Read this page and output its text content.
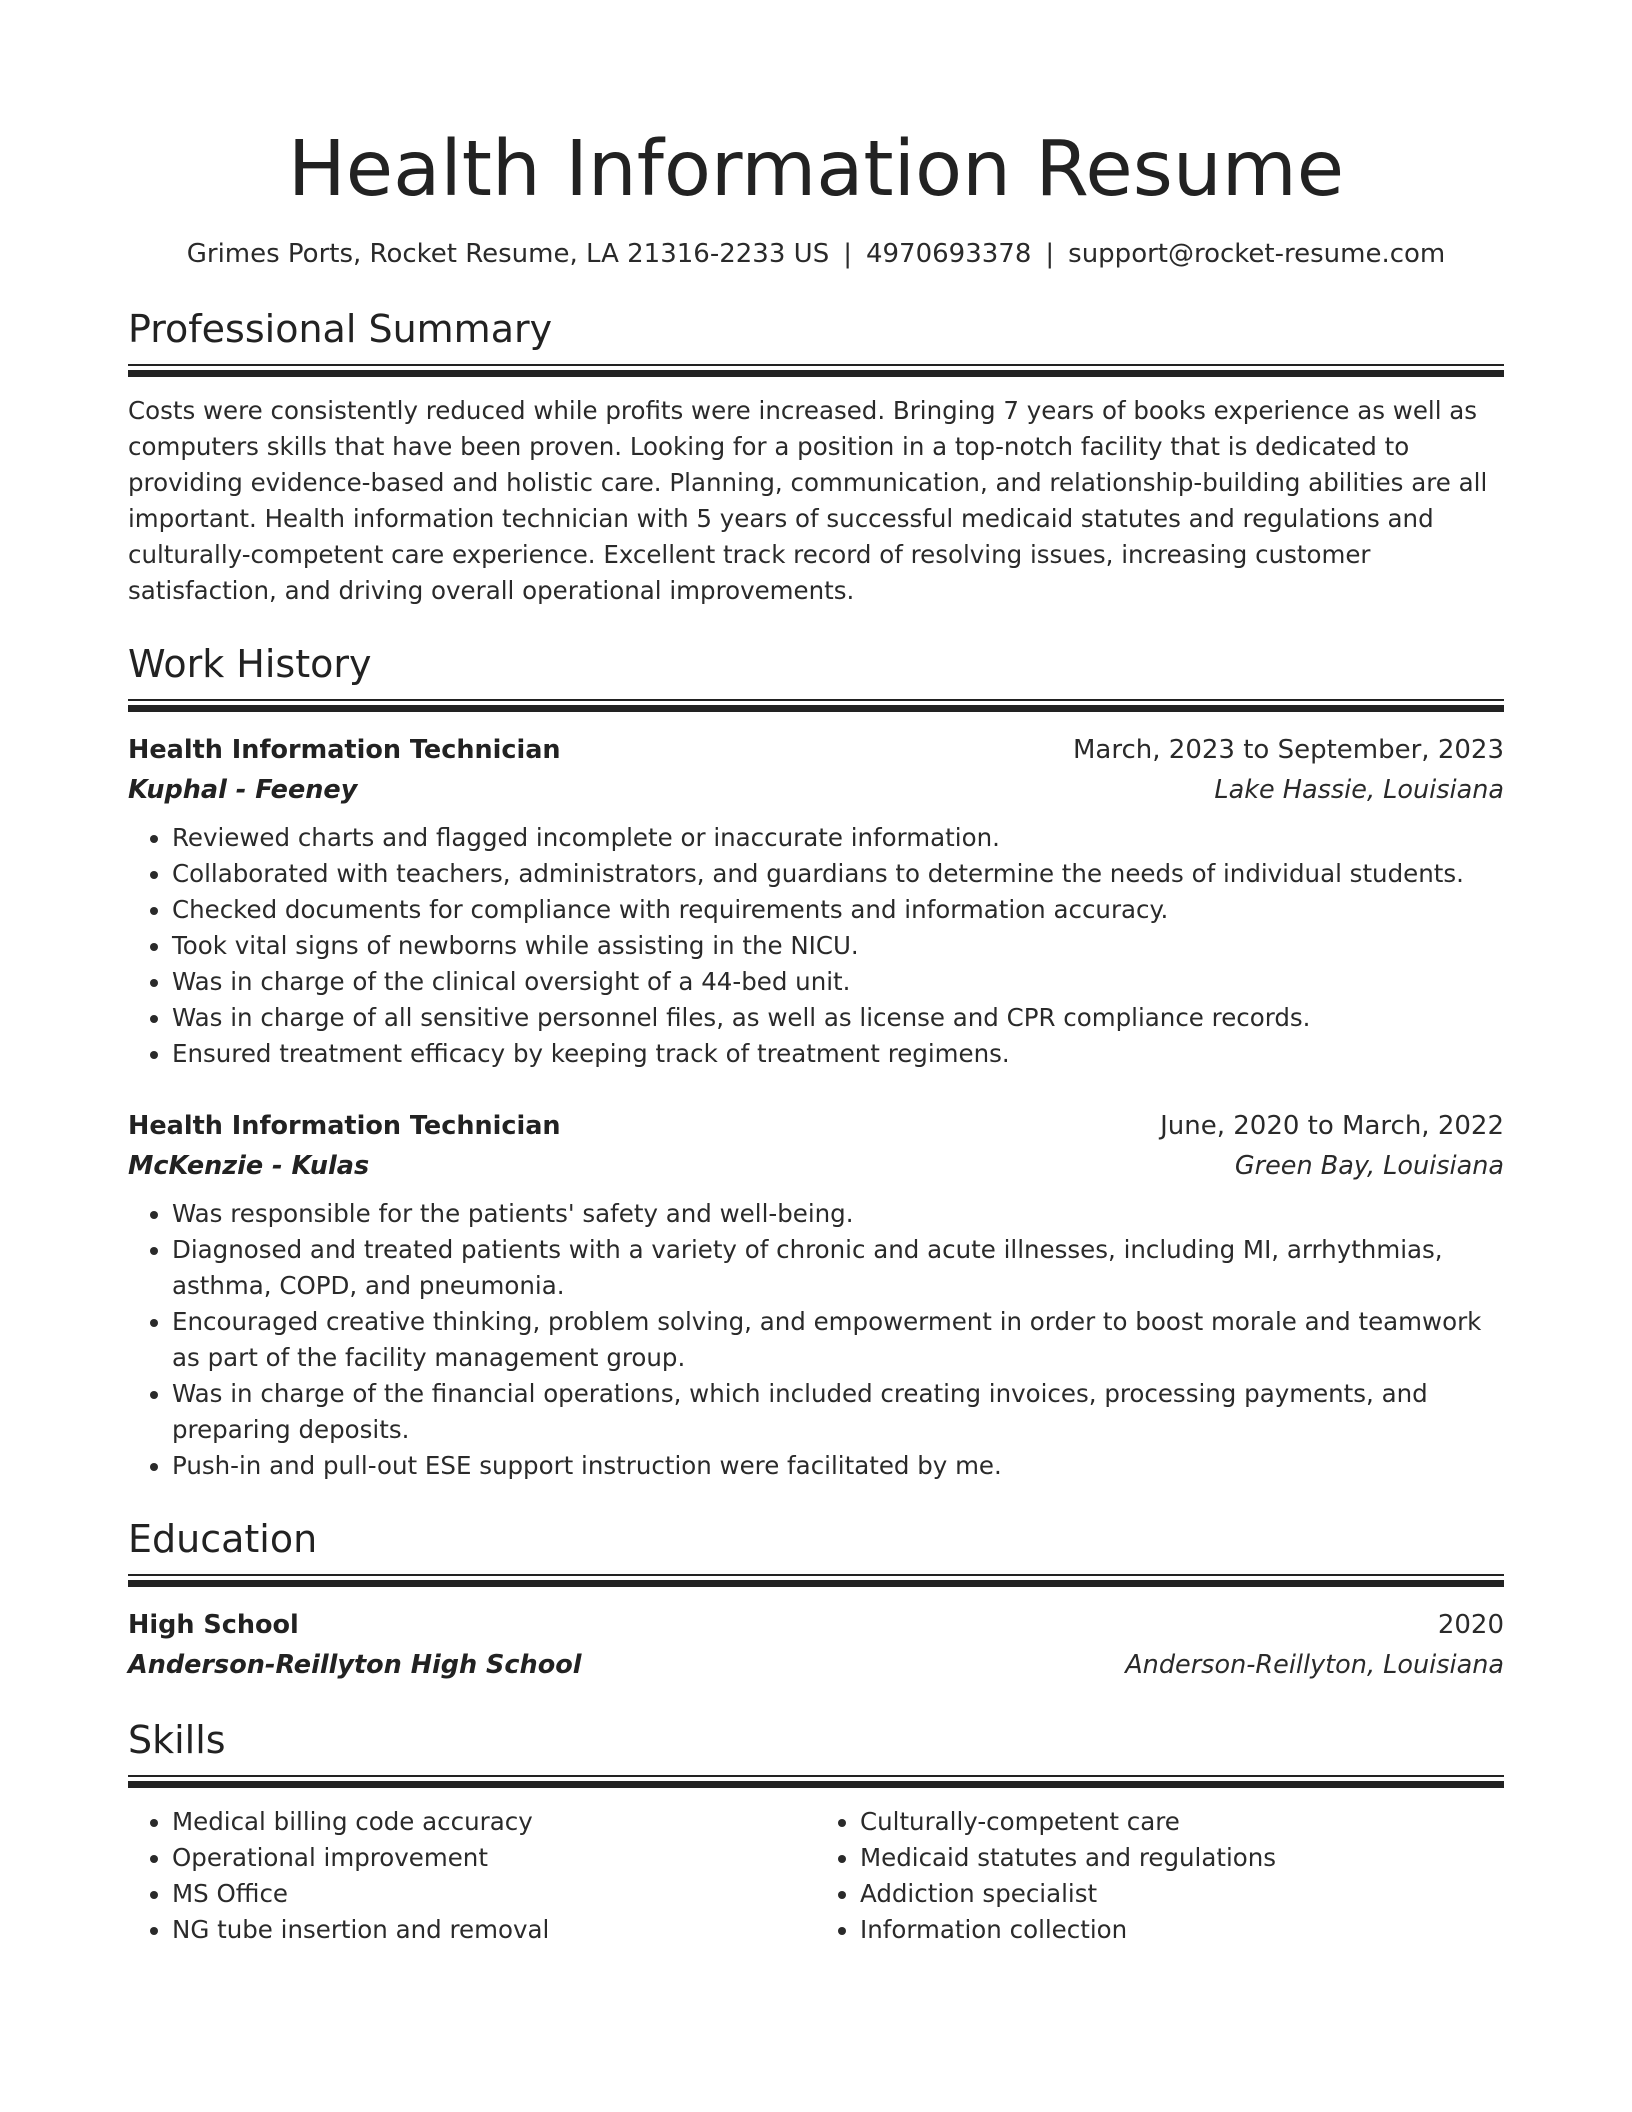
Health Information Resume
Grimes Ports, Rocket Resume, LA 21316-2233 US | 4970693378 | support@rocket-resume.com
Professional Summary
Costs were consistently reduced while profits were increased. Bringing 7 years of books experience as well as computers skills that have been proven. Looking for a position in a top-notch facility that is dedicated to providing evidence-based and holistic care. Planning, communication, and relationship-building abilities are all important. Health information technician with 5 years of successful medicaid statutes and regulations and culturally-competent care experience. Excellent track record of resolving issues, increasing customer satisfaction, and driving overall operational improvements.
Work History
Health Information Technician	March, 2023 to September, 2023
Kuphal - Feeney	Lake Hassie, Louisiana
• Reviewed charts and flagged incomplete or inaccurate information.
• Collaborated with teachers, administrators, and guardians to determine the needs of individual students.
• Checked documents for compliance with requirements and information accuracy.
• Took vital signs of newborns while assisting in the NICU.
• Was in charge of the clinical oversight of a 44-bed unit.
• Was in charge of all sensitive personnel files, as well as license and CPR compliance records.
• Ensured treatment efficacy by keeping track of treatment regimens.
Health Information Technician	June, 2020 to March, 2022
McKenzie - Kulas	Green Bay, Louisiana
• Was responsible for the patients' safety and well-being.
• Diagnosed and treated patients with a variety of chronic and acute illnesses, including MI, arrhythmias, asthma, COPD, and pneumonia.
• Encouraged creative thinking, problem solving, and empowerment in order to boost morale and teamwork as part of the facility management group.
• Was in charge of the financial operations, which included creating invoices, processing payments, and preparing deposits.
• Push-in and pull-out ESE support instruction were facilitated by me.
Education
High School	2020
Anderson-Reillyton High School	Anderson-Reillyton, Louisiana
Skills
• Medical billing code accuracy
• Operational improvement
• MS Office
• NG tube insertion and removal
• Culturally-competent care
• Medicaid statutes and regulations
• Addiction specialist
• Information collection
